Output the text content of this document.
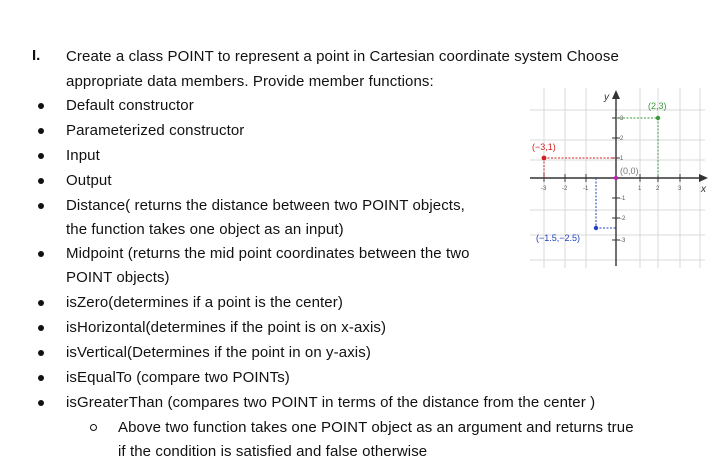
I. Create a class POINT to represent a point in Cartesian coordinate system Choose
appropriate data members. Provide member functions:
Default constructor
Parameterized constructor
Input
Output
Distance( returns the distance between two POINT objects,
the function takes one object as an input)
Midpoint (returns the mid point coordinates between the two
POINT objects)
isZero(determines if a point is the center)
isHorizontal(determines if the point is on x-axis)
isVertical(Determines if the point in on y-axis)
isEqualTo (compare two POINTs)
isGreaterThan (compares two POINT in terms of the distance from the center )
Above two function takes one POINT object as an argument and returns true
if the condition is satisfied and false otherwise
x
y
-3	-2	-1	1 2	3
3
2
1
-1
-2
-3
(2,3)
(−3,1)
(0,0)
(−1.5,−2.5)
